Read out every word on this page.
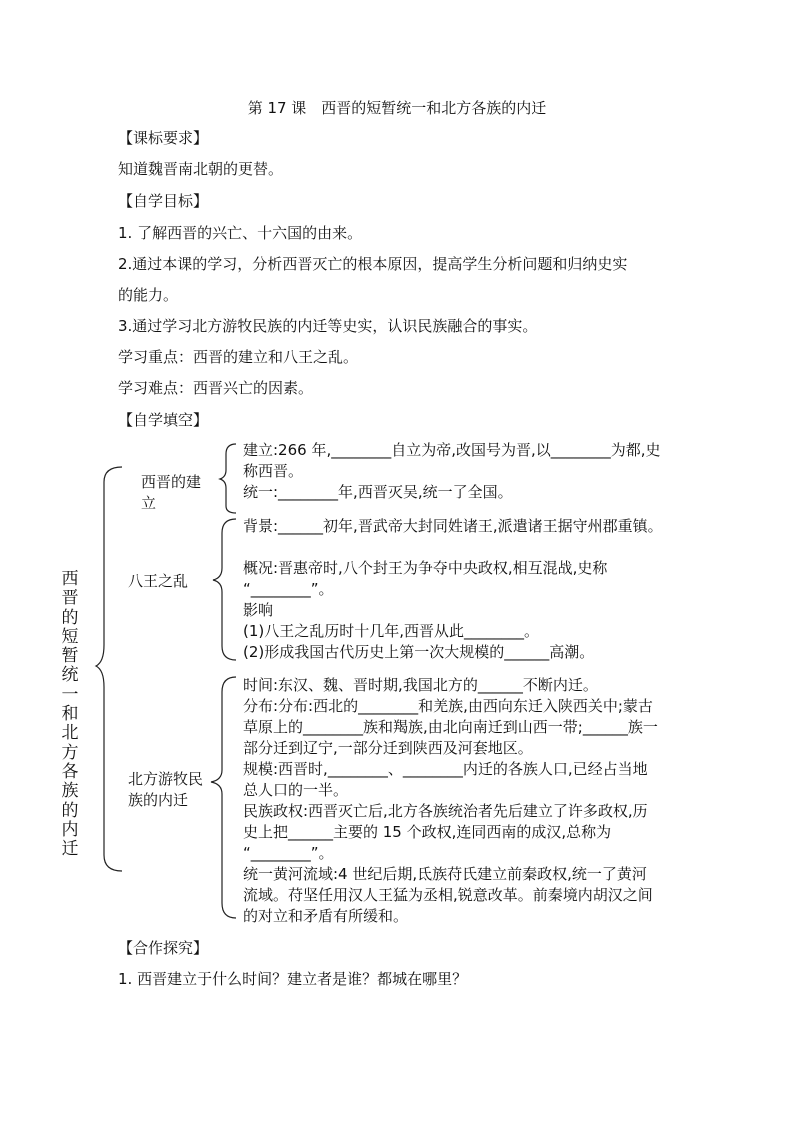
第 17 课　西晋的短暂统一和北方各族的内迁
【课标要求】
知道魏晋南北朝的更替。
【自学目标】
1. 了解西晋的兴亡、十六国的由来。
2.通过本课的学习，分析西晋灭亡的根本原因，提高学生分析问题和归纳史实
的能力。
3.通过学习北方游牧民族的内迁等史实，认识民族融合的事实。
学习重点：西晋的建立和八王之乱。
学习难点：西晋兴亡的因素。
【自学填空】
西晋的短暂统一和北方各族的内迁
西晋的建
立
建立:266 年,________自立为帝,改国号为晋,以________为都,史
称西晋。
统一:________年,西晋灭吴,统一了全国。
八王之乱
背景:______初年,晋武帝大封同姓诸王,派遣诸王据守州郡重镇。
概况:晋惠帝时,八个封王为争夺中央政权,相互混战,史称
“________”。
影响
(1)八王之乱历时十几年,西晋从此________。
(2)形成我国古代历史上第一次大规模的______高潮。
北方游牧民
族的内迁
时间:东汉、魏、晋时期,我国北方的______不断内迁。
分布:分布:西北的________和羌族,由西向东迁入陕西关中;蒙古
草原上的________族和羯族,由北向南迁到山西一带;______族一
部分迁到辽宁,一部分迁到陕西及河套地区。
规模:西晋时,________、________内迁的各族人口,已经占当地
总人口的一半。
民族政权:西晋灭亡后,北方各族统治者先后建立了许多政权,历
史上把______主要的 15 个政权,连同西南的成汉,总称为
“________”。
统一黄河流域:4 世纪后期,氐族苻氏建立前秦政权,统一了黄河
流域。苻坚任用汉人王猛为丞相,锐意改革。前秦境内胡汉之间
的对立和矛盾有所缓和。
【合作探究】
1. 西晋建立于什么时间？建立者是谁？都城在哪里？
